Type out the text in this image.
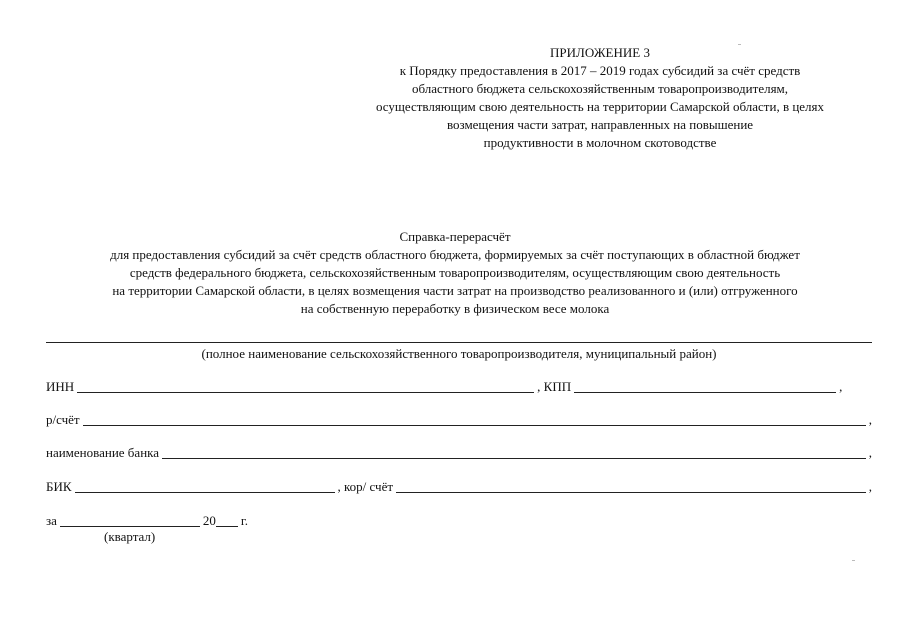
ПРИЛОЖЕНИЕ 3
к Порядку предоставления в 2017 – 2019 годах субсидий за счёт средств
областного бюджета сельскохозяйственным товаропроизводителям,
осуществляющим свою деятельность на территории Самарской области, в целях
возмещения части затрат, направленных на повышение
продуктивности в молочном скотоводстве
Справка-перерасчёт
для предоставления субсидий за счёт средств областного бюджета, формируемых за счёт поступающих в областной бюджет
средств федерального бюджета, сельскохозяйственным товаропроизводителям, осуществляющим свою деятельность
на территории Самарской области, в целях возмещения части затрат на производство реализованного и (или) отгруженного
на собственную переработку в физическом весе молока
(полное наименование сельскохозяйственного товаропроизводителя, муниципальный район)
ИНН	, КПП	,
р/счёт	,
наименование банка	,
БИК	, кор/ счёт	,
за	20 г.
(квартал)
